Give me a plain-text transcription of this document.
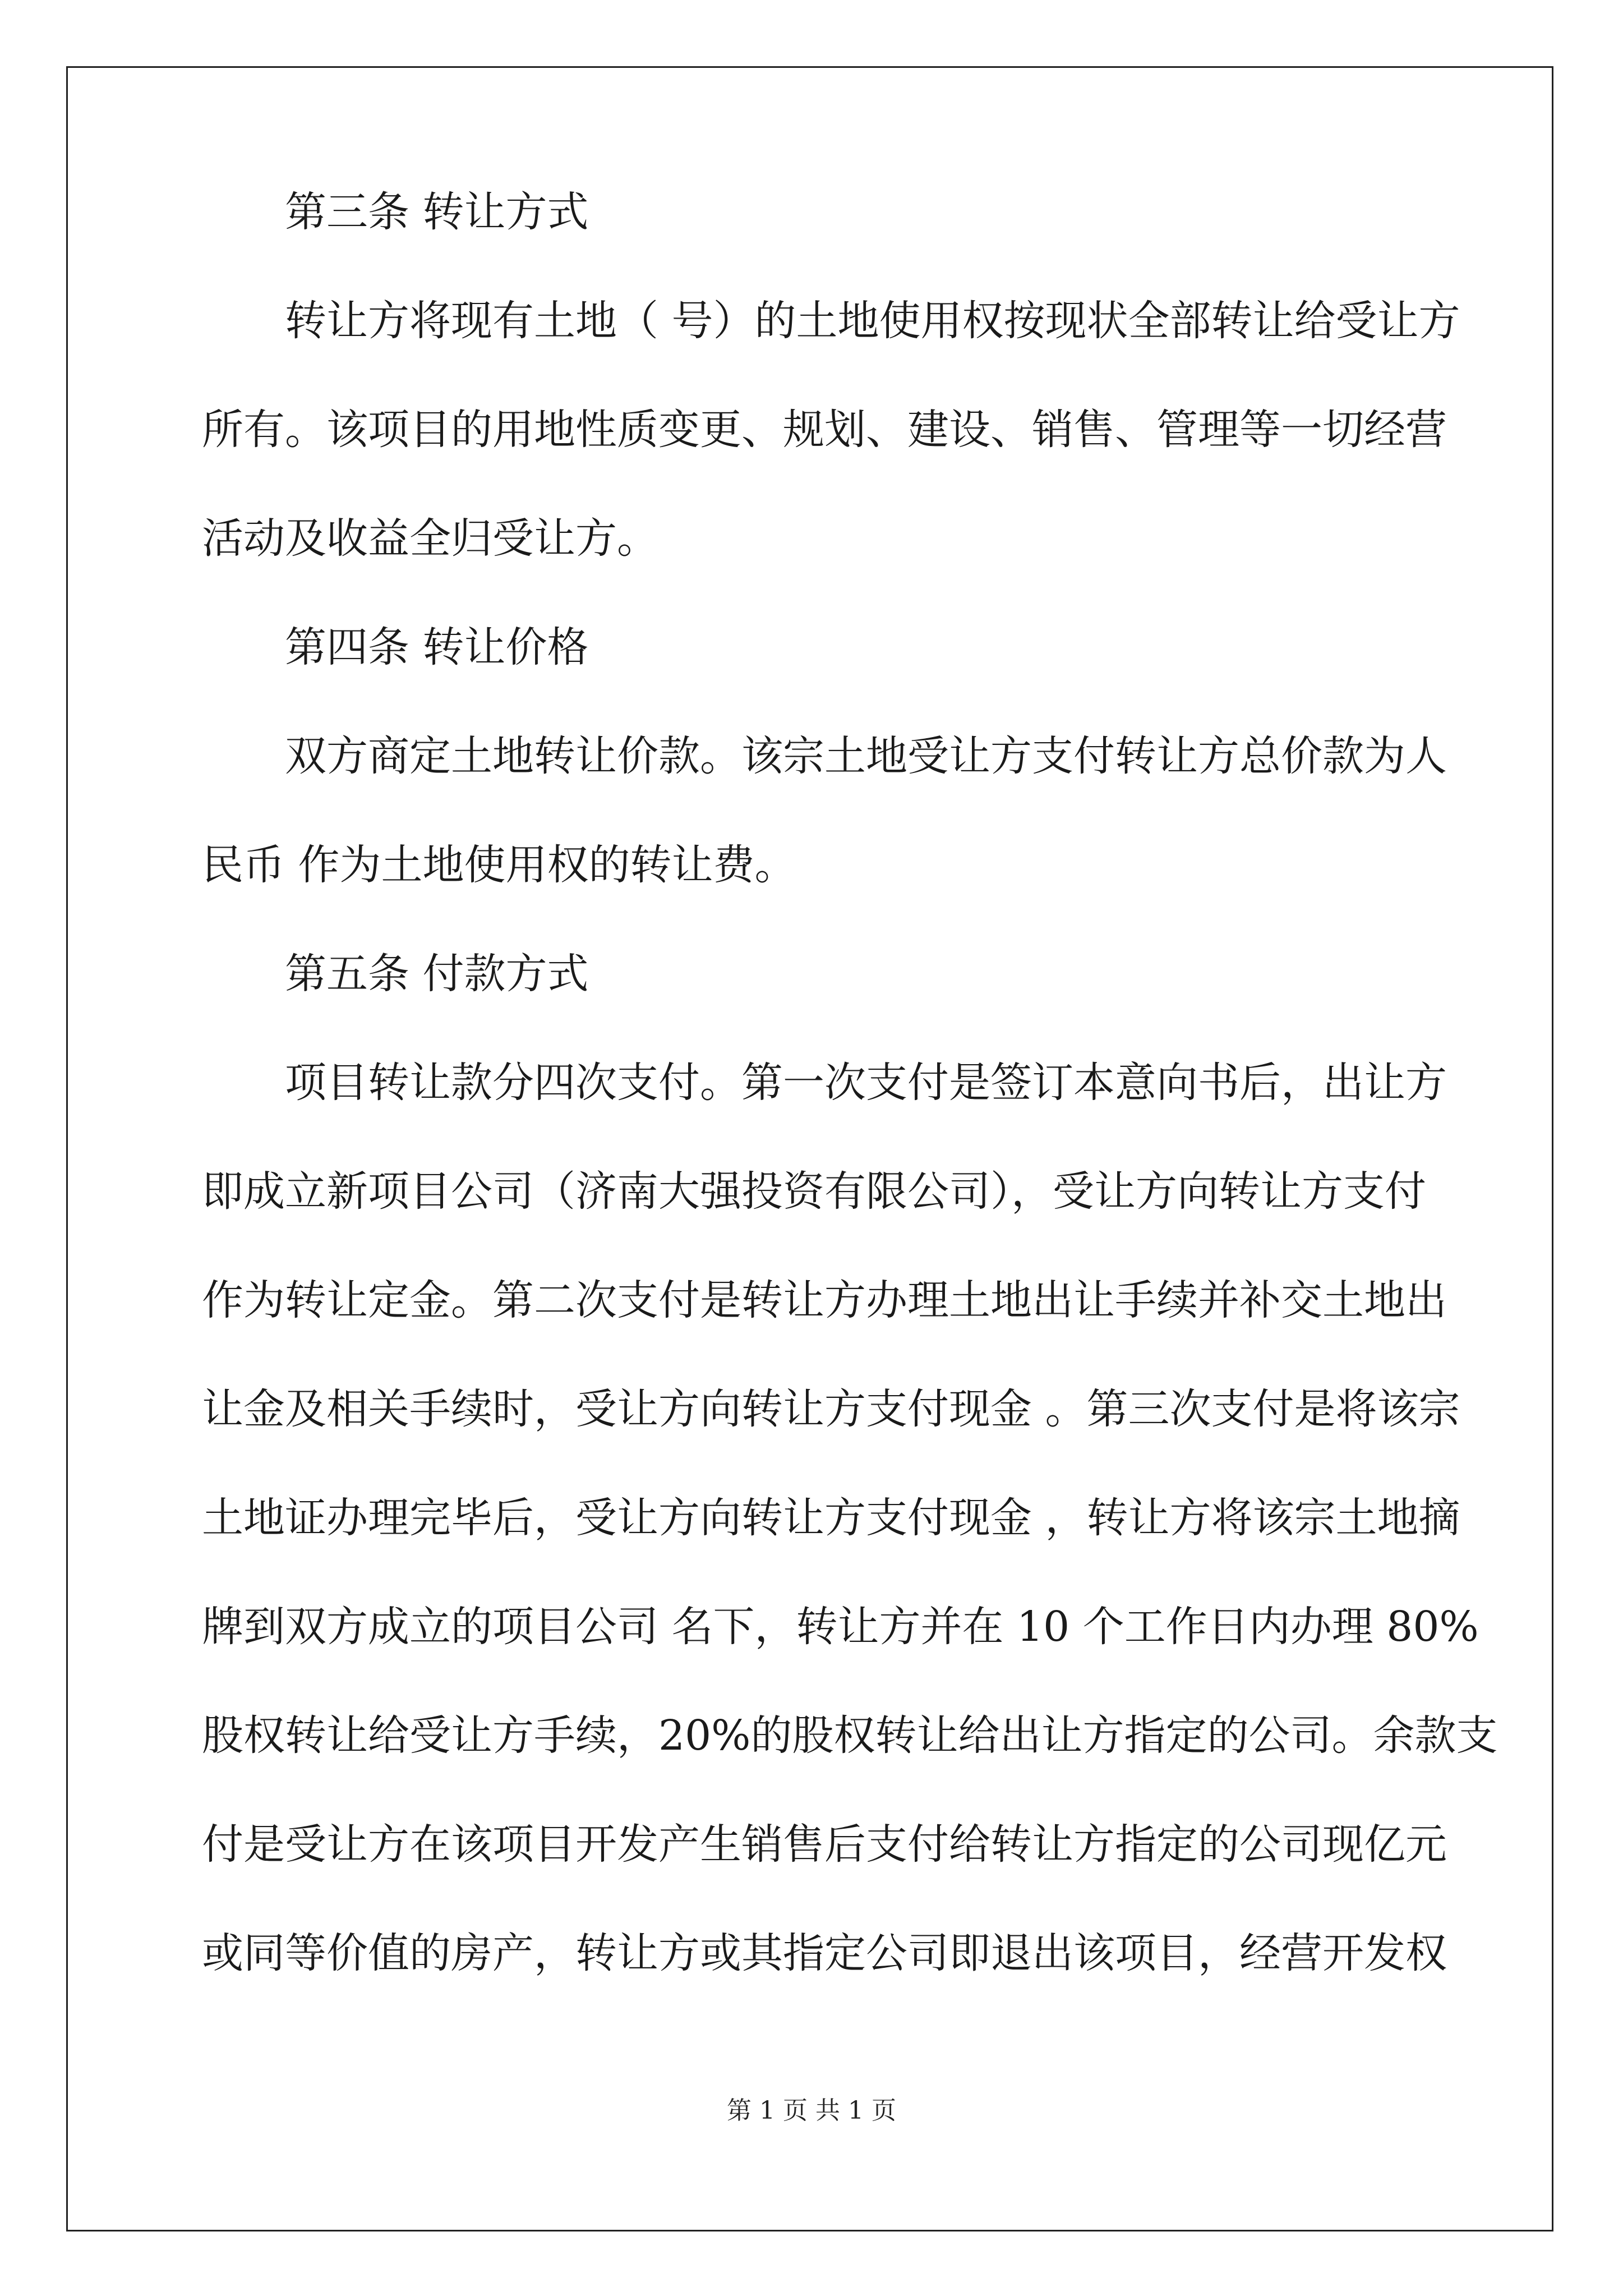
第三条 转让方式

转让方将现有土地（ 号）的土地使用权按现状全部转让给受让方

所有。该项目的用地性质变更、规划、建设、销售、管理等一切经营

活动及收益全归受让方。

第四条 转让价格

双方商定土地转让价款。该宗土地受让方支付转让方总价款为人

民币 作为土地使用权的转让费。

第五条 付款方式

项目转让款分四次支付。第一次支付是签订本意向书后，出让方

即成立新项目公司（济南大强投资有限公司），受让方向转让方支付

作为转让定金。第二次支付是转让方办理土地出让手续并补交土地出

让金及相关手续时，受让方向转让方支付现金 。第三次支付是将该宗

土地证办理完毕后，受让方向转让方支付现金 ，转让方将该宗土地摘

牌到双方成立的项目公司 名下，转让方并在 10 个工作日内办理 80%

股权转让给受让方手续，20%的股权转让给出让方指定的公司。余款支

付是受让方在该项目开发产生销售后支付给转让方指定的公司现亿元

或同等价值的房产，转让方或其指定公司即退出该项目，经营开发权

第 1 页 共 1 页
